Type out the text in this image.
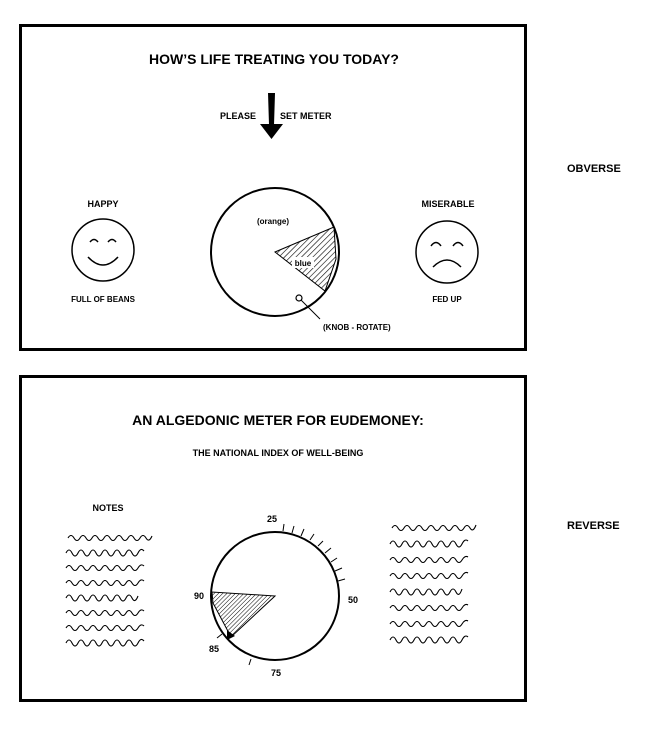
HOW’S LIFE TREATING YOU TODAY?
PLEASE	SET METER
HAPPY
FULL OF BEANS
(orange)
blue
(KNOB - ROTATE)
MISERABLE
FED UP
OBVERSE
AN ALGEDONIC METER FOR EUDEMONEY:
THE NATIONAL INDEX OF WELL-BEING
NOTES
25
50
75
85
90
REVERSE
